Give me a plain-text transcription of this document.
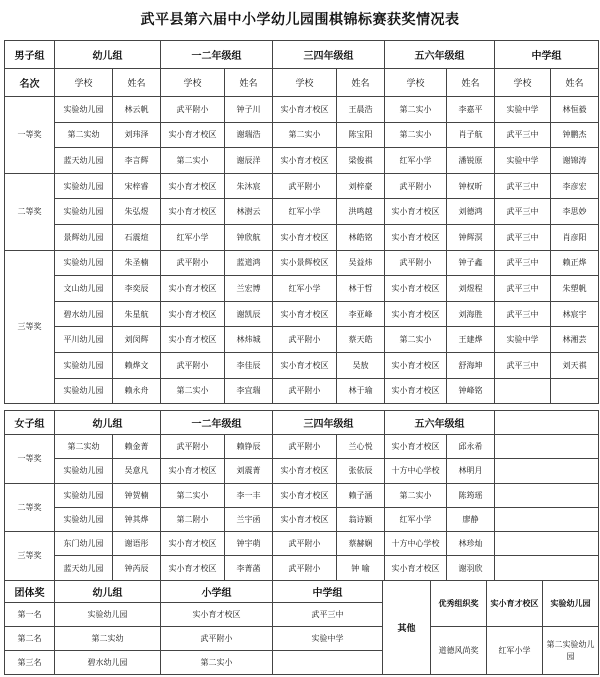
武平县第六届中小学幼儿园围棋锦标赛获奖情况表
男子组	幼儿组		一二年级组		三四年级组		五六年级组		中学组	
名次	学校	姓名	学校	姓名	学校	姓名	学校	姓名	学校	姓名
一等奖	实验幼儿园	林云帆	武平附小	钟子川	实小育才校区	王晨浩	第二实小	李嘉平	实验中学	林恒毅
	第二实幼	刘玮泽	实小育才校区	谢瑞浩	第二实小	陈宝阳	第二实小	肖子航	武平三中	钟鹏杰
	蓝天幼儿园	李言辉	第二实小	谢辰洋	实小育才校区	梁俊祺	红军小学	潘锐原	实验中学	谢锦涛
二等奖	实验幼儿园	宋梓睿	实小育才校区	朱沐宸	武平附小	刘梓豪	武平附小	钟权昕	武平三中	李彦宏
	实验幼儿园	朱弘煜	实小育才校区	林澍云	红军小学	洪鸣越	实小育才校区	刘德鸿	武平三中	李思妙
	景辉幼儿园	石震煊	红军小学	钟欣航	实小育才校区	林皓铭	实小育才校区	钟辉溟	武平三中	肖彦阳
三等奖	实验幼儿园	朱圣楠	武平附小	蓝道鸿	实小景辉校区	吴益炜	武平附小	钟子鑫	武平三中	赖正烨
	文山幼儿园	李奕辰	实小育才校区	兰宏博	红军小学	林于哲	实小育才校区	刘煜程	武平三中	朱塑帆
	碧水幼儿园	朱星航	实小育才校区	谢凯辰	实小育才校区	李亚峰	实小育才校区	刘海胜	武平三中	林宸宇
	平川幼儿园	刘闵辉	实小育才校区	林炜城	武平附小	蔡天皓	第二实小	王建烨	实验中学	林湘芸
	实验幼儿园	赖烨文	武平附小	李佳辰	实小育才校区	吴敖	实小育才校区	舒海坤	武平三中	刘天祺
	实验幼儿园	赖永舟	第二实小	李宜瑞	武平附小	林于瑜	实小育才校区	钟峰铭		
女子组	幼儿组		一二年级组		三四年级组		五六年级组		
一等奖	第二实幼	赖金菁	武平附小	赖铮辰	武平附小	兰心悦	实小育才校区	邱永希	
	实验幼儿园	吴意凡	实小育才校区	刘震菁	实小育才校区	张依辰	十方中心学校	林明月	
二等奖	实验幼儿园	钟贺楠	第二实小	李一丰	实小育才校区	赖子涵	第二实小	陈筠瑶	
	实验幼儿园	钟其烨	第二附小	兰宇函	实小育才校区	翁诗颖	红军小学	廖静	
三等奖	东门幼儿园	谢语彤	实小育才校区	钟宇萌	武平附小	蔡赫娴	十方中心学校	林珍灿	
	蓝天幼儿园	钟芮辰	实小育才校区	李菁菡	武平附小	钟 喻	实小育才校区	谢羽欣	
团体奖	幼儿组	小学组	中学组	其他	优秀组织奖	实小育才校区	实验幼儿园
第一名	实验幼儿园	实小育才校区	武平三中				
第二名	第二实幼	武平附小	实验中学		道德风尚奖	红军小学	第二实验幼儿园
第三名	碧水幼儿园	第二实小					
